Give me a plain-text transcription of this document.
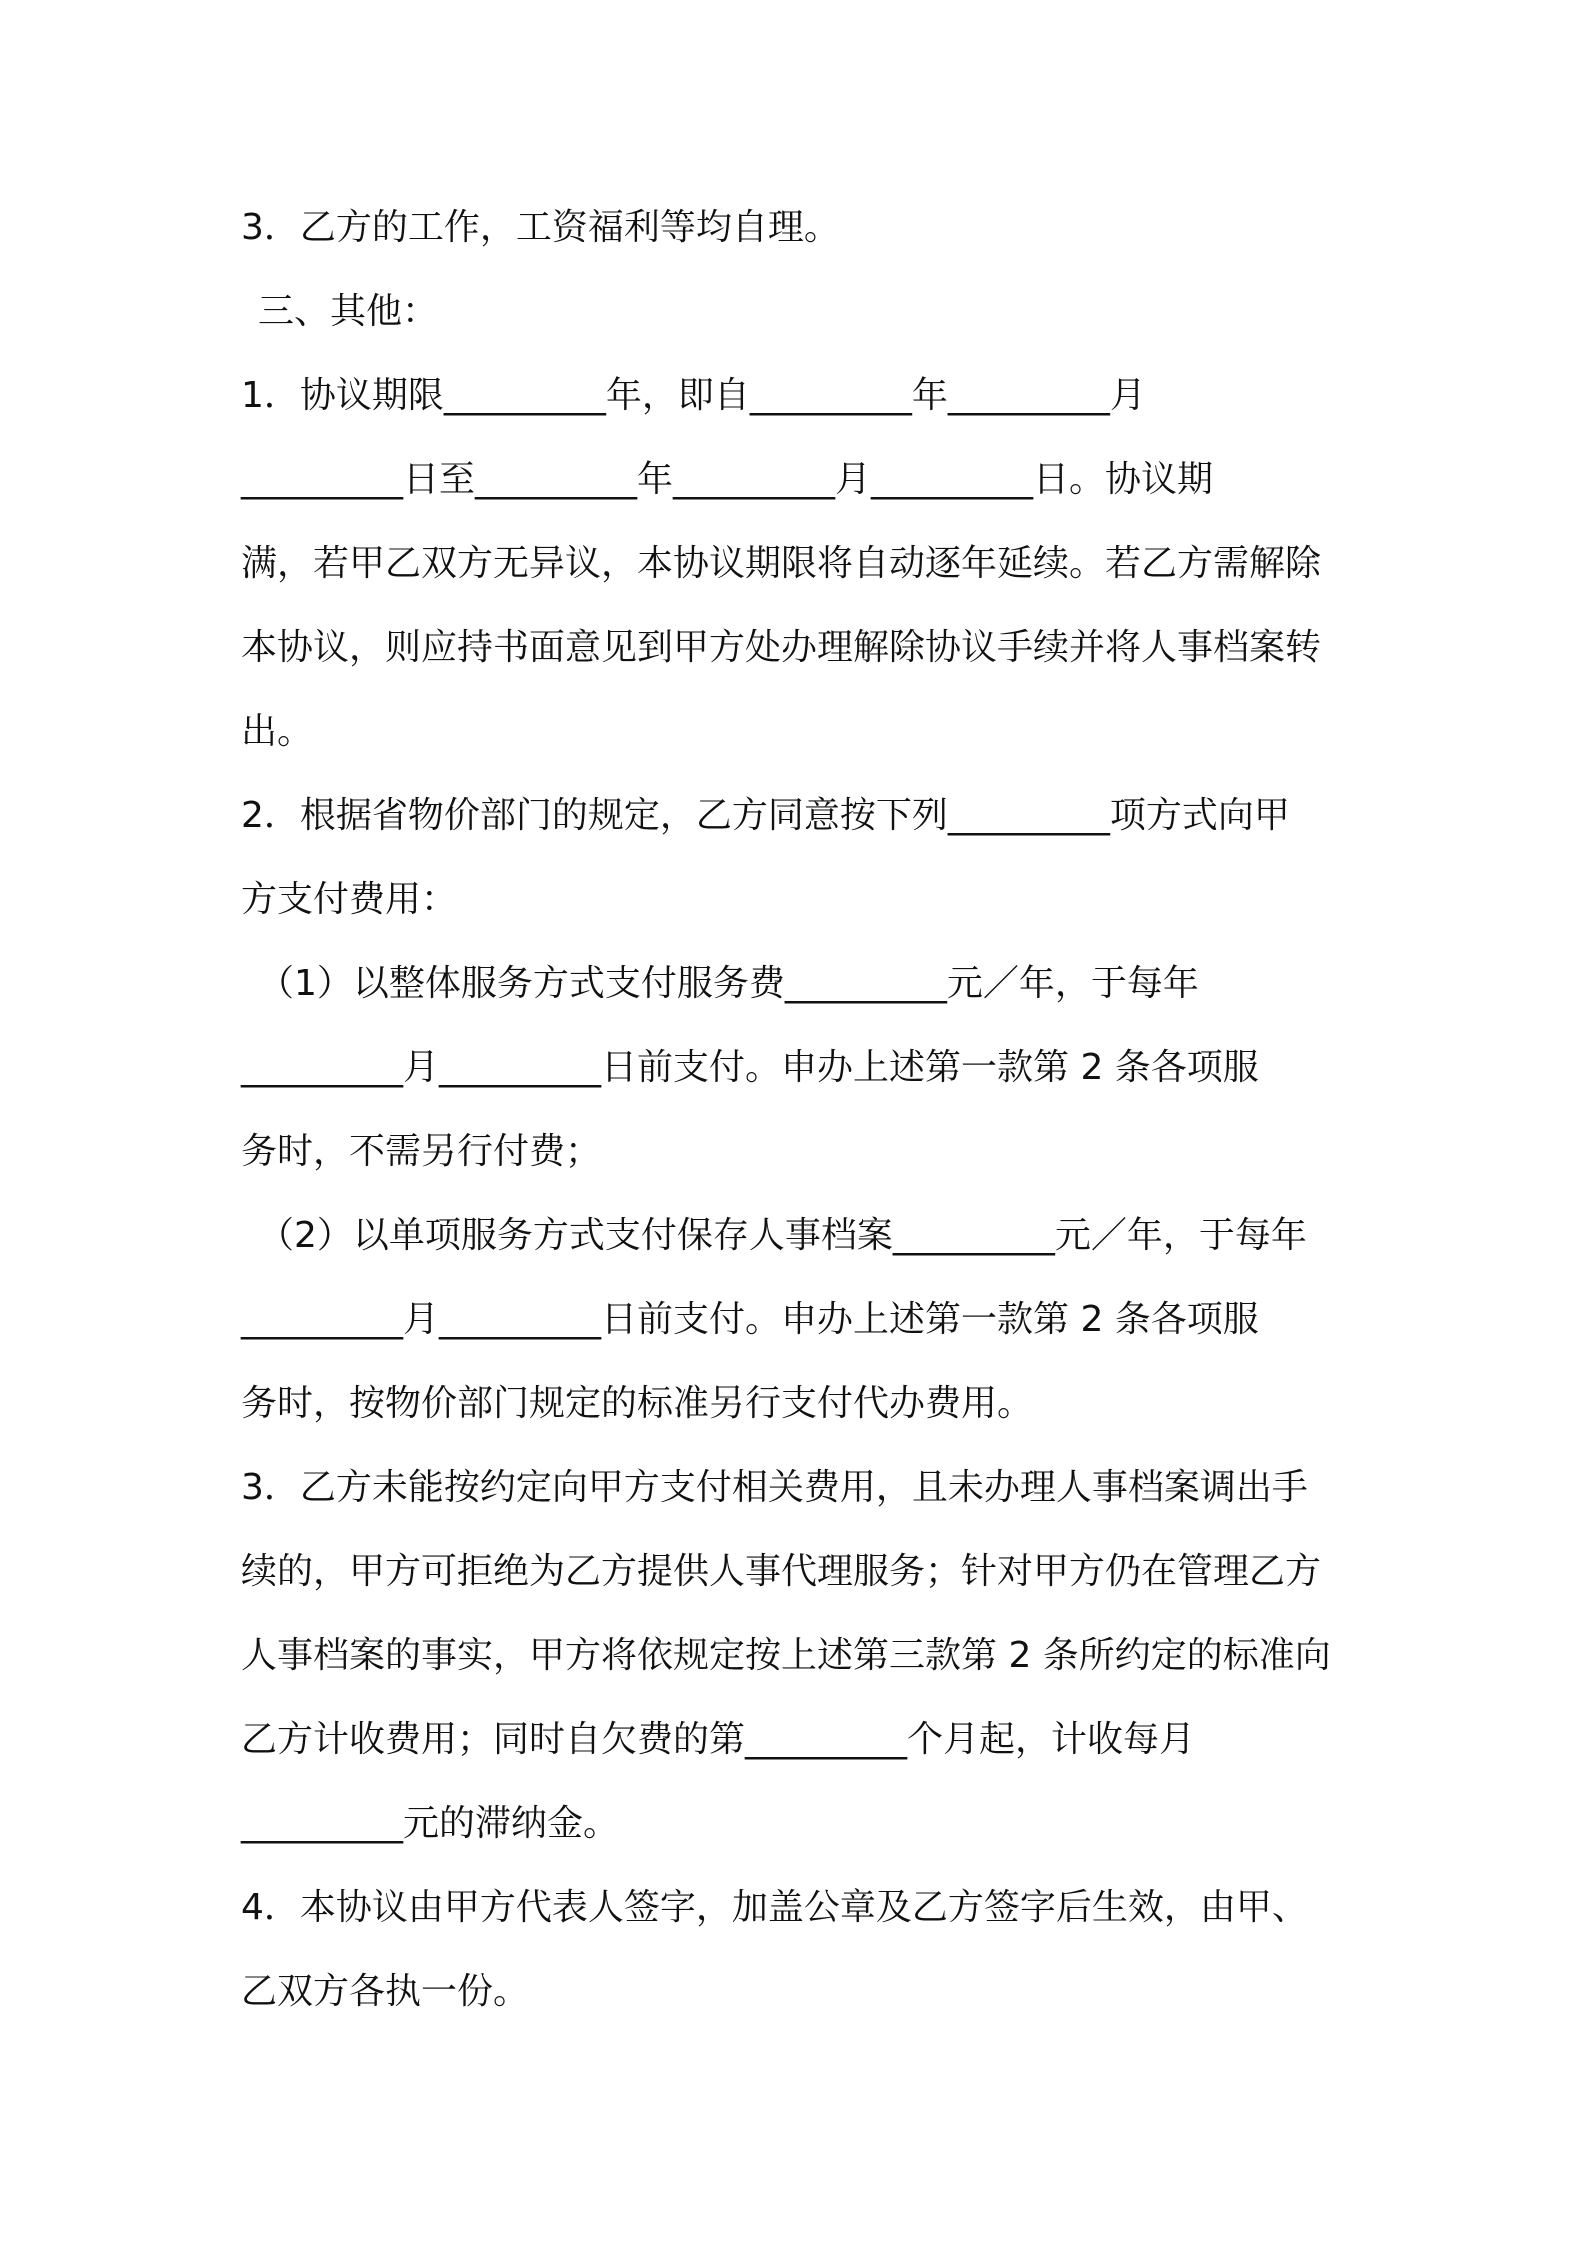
3．乙方的工作，工资福利等均自理。

三、其他：

1．协议期限_________年，即自_________年_________月

_________日至_________年_________月_________日。协议期

满，若甲乙双方无异议，本协议期限将自动逐年延续。若乙方需解除

本协议，则应持书面意见到甲方处办理解除协议手续并将人事档案转

出。

2．根据省物价部门的规定，乙方同意按下列_________项方式向甲

方支付费用：

（1）以整体服务方式支付服务费_________元／年，于每年

_________月_________日前支付。申办上述第一款第 2 条各项服

务时，不需另行付费；

（2）以单项服务方式支付保存人事档案_________元／年，于每年

_________月_________日前支付。申办上述第一款第 2 条各项服

务时，按物价部门规定的标准另行支付代办费用。

3．乙方未能按约定向甲方支付相关费用，且未办理人事档案调出手

续的，甲方可拒绝为乙方提供人事代理服务；针对甲方仍在管理乙方

人事档案的事实，甲方将依规定按上述第三款第 2 条所约定的标准向

乙方计收费用；同时自欠费的第_________个月起，计收每月

_________元的滞纳金。

4．本协议由甲方代表人签字，加盖公章及乙方签字后生效，由甲、

乙双方各执一份。
